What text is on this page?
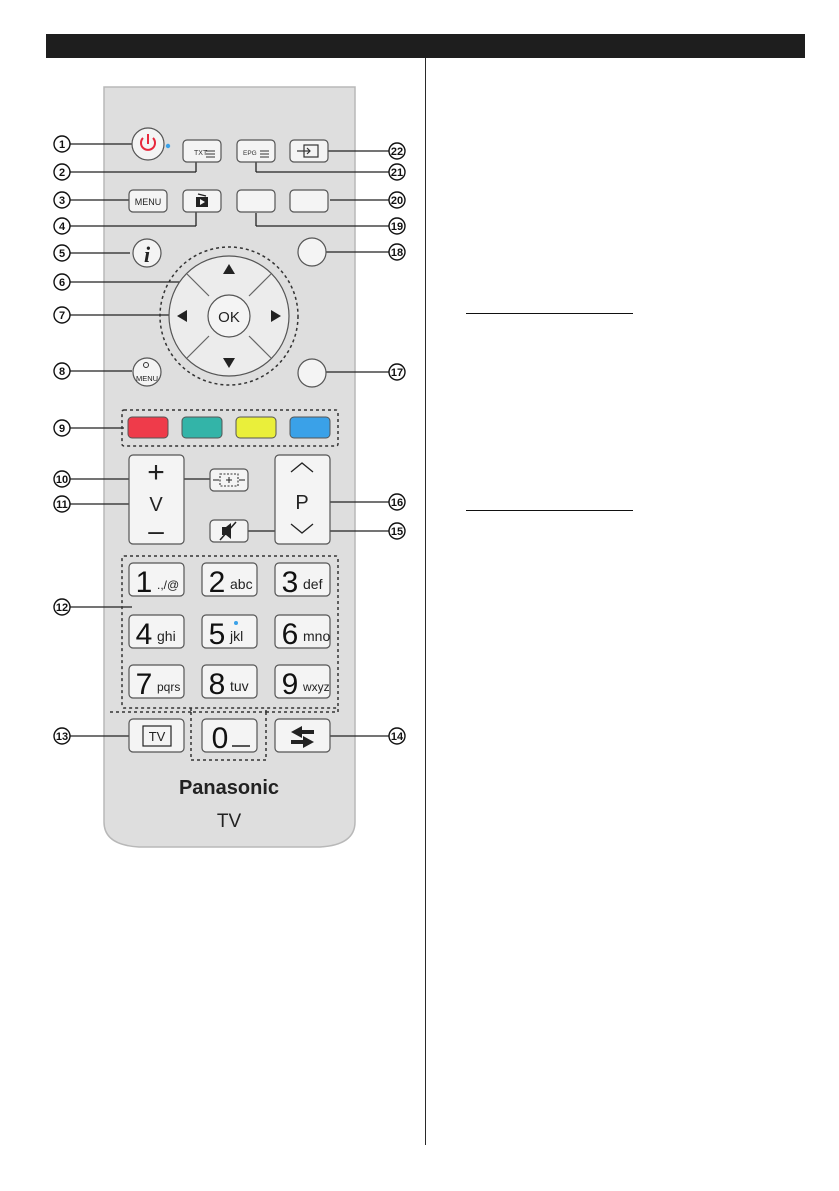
TXT	EPG
MENU
i
OK
MENU
+
V
–
P
1 .,/@ 2 abc 3 def
4 ghi 5 jkl 6 mno
7 pqrs 8 tuv 9 wxyz
TV 0
Panasonic
TV
1
2
3
4
5
6
7
8
9
10
11
12
13	14
15
16
17
18
19
20
21
22
